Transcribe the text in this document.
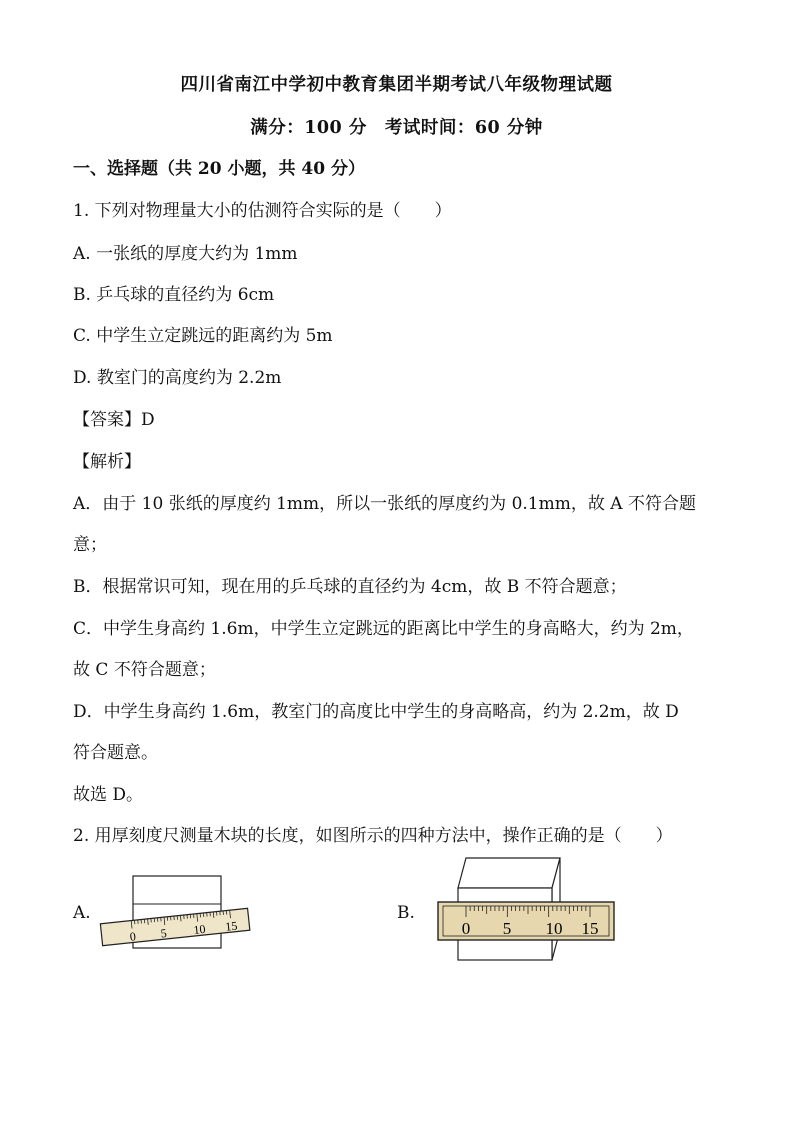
四川省南江中学初中教育集团半期考试八年级物理试题
满分：100 分　考试时间：60 分钟
一、选择题（共 20 小题，共 40 分）
1. 下列对物理量大小的估测符合实际的是（　　）
A. 一张纸的厚度大约为 1mm
B. 乒乓球的直径约为 6cm
C. 中学生立定跳远的距离约为 5m
D. 教室门的高度约为 2.2m
【答案】D
【解析】
A．由于 10 张纸的厚度约 1mm，所以一张纸的厚度约为 0.1mm，故 A 不符合题
意；
B．根据常识可知，现在用的乒乓球的直径约为 4cm，故 B 不符合题意；
C．中学生身高约 1.6m，中学生立定跳远的距离比中学生的身高略大，约为 2m，
故 C 不符合题意；
D．中学生身高约 1.6m，教室门的高度比中学生的身高略高，约为 2.2m，故 D
符合题意。
故选 D。
2. 用厚刻度尺测量木块的长度，如图所示的四种方法中，操作正确的是（　　）
A.
0 5 10 15
B.
0 5 10 15
